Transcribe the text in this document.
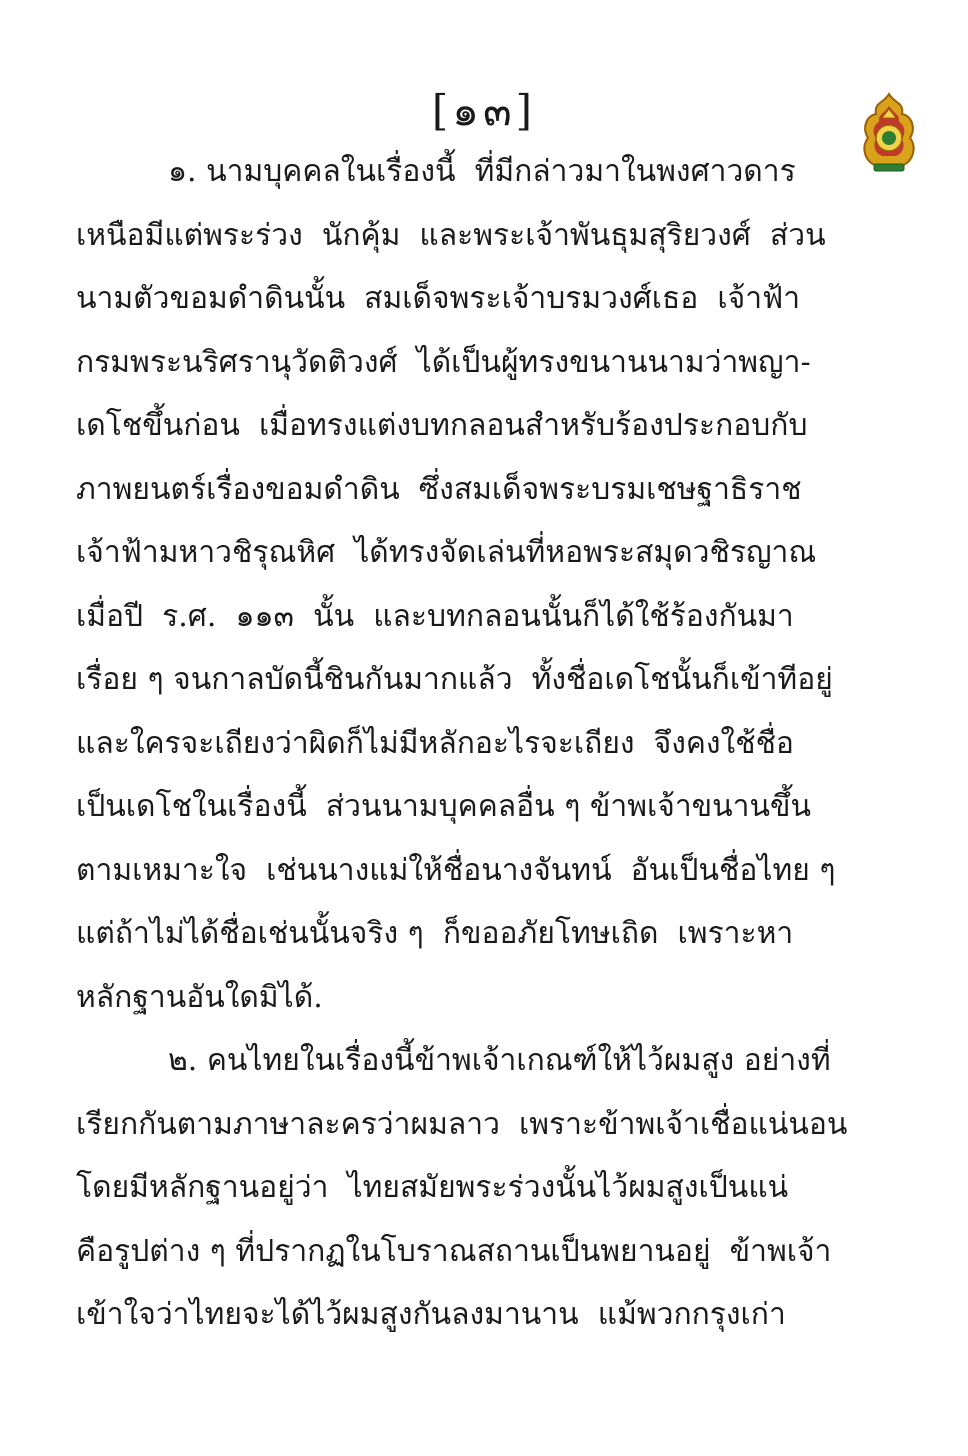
[๑๓]
๑. นามบุคคลในเรื่องนี้  ที่มีกล่าวมาในพงศาวดาร
เหนือมีแต่พระร่วง  นักคุ้ม  และพระเจ้าพันธุมสุริยวงศ์  ส่วน
นามตัวขอมดำดินนั้น  สมเด็จพระเจ้าบรมวงศ์เธอ  เจ้าฟ้า
กรมพระนริศรานุวัดติวงศ์  ได้เป็นผู้ทรงขนานนามว่าพญา-
เดโชขึ้นก่อน  เมื่อทรงแต่งบทกลอนสำหรับร้องประกอบกับ
ภาพยนตร์เรื่องขอมดำดิน  ซึ่งสมเด็จพระบรมเชษฐาธิราช
เจ้าฟ้ามหาวชิรุณหิศ  ได้ทรงจัดเล่นที่หอพระสมุดวชิรญาณ
เมื่อปี  ร.ศ.  ๑๑๓  นั้น  และบทกลอนนั้นก็ได้ใช้ร้องกันมา
เรื่อย ๆ จนกาลบัดนี้ชินกันมากแล้ว  ทั้งชื่อเดโชนั้นก็เข้าทีอยู่
และใครจะเถียงว่าผิดก็ไม่มีหลักอะไรจะเถียง  จึงคงใช้ชื่อ
เป็นเดโชในเรื่องนี้  ส่วนนามบุคคลอื่น ๆ ข้าพเจ้าขนานขึ้น
ตามเหมาะใจ  เช่นนางแม่ให้ชื่อนางจันทน์  อันเป็นชื่อไทย ๆ
แต่ถ้าไม่ได้ชื่อเช่นนั้นจริง ๆ  ก็ขออภัยโทษเถิด  เพราะหา
หลักฐานอันใดมิได้.
๒. คนไทยในเรื่องนี้ข้าพเจ้าเกณฑ์ให้ไว้ผมสูง อย่างที่
เรียกกันตามภาษาละครว่าผมลาว  เพราะข้าพเจ้าเชื่อแน่นอน
โดยมีหลักฐานอยู่ว่า  ไทยสมัยพระร่วงนั้นไว้ผมสูงเป็นแน่
คือรูปต่าง ๆ ที่ปรากฏในโบราณสถานเป็นพยานอยู่  ข้าพเจ้า
เข้าใจว่าไทยจะได้ไว้ผมสูงกันลงมานาน  แม้พวกกรุงเก่า
